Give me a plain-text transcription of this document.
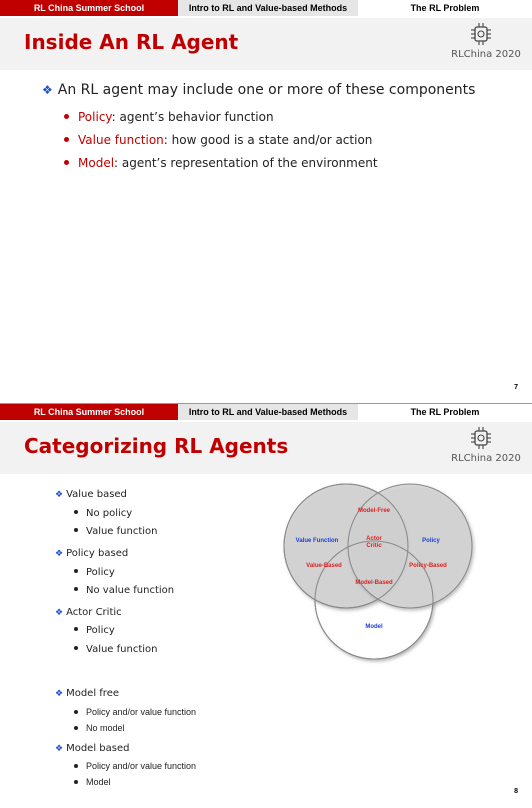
RL China Summer School	Intro to RL and Value-based Methods	The RL Problem
Inside An RL Agent
RLChina 2020
❖ An RL agent may include one or more of these components
Policy: agent’s behavior function
Value function: how good is a state and/or action
Model: agent’s representation of the environment
7
RL China Summer School	Intro to RL and Value-based Methods	The RL Problem
Categorizing RL Agents
RLChina 2020
❖ Value based
No policy
Value function
❖ Policy based
Policy
No value function
❖ Actor Critic
Policy
Value function
❖ Model free
Policy and/or value function
No model
❖ Model based
Policy and/or value function
Model
Value Function	Policy
Model
Model-Free
Actor
Critic
Value-Based	Policy-Based
Model-Based
8
